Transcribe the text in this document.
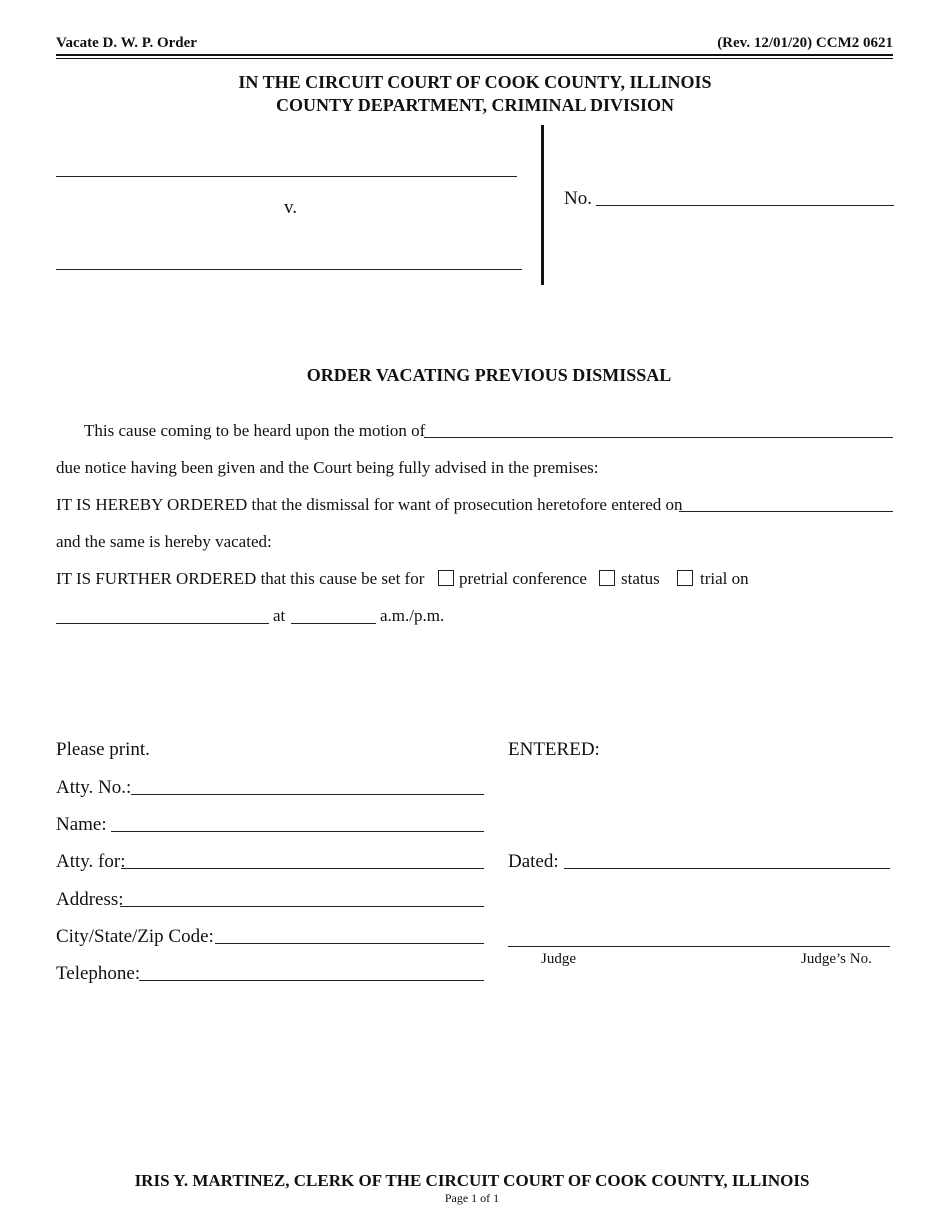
Vacate D. W. P. Order	(Rev. 12/01/20) CCM2 0621
IN THE CIRCUIT COURT OF COOK COUNTY, ILLINOIS
COUNTY DEPARTMENT, CRIMINAL DIVISION
v.	No.
ORDER VACATING PREVIOUS DISMISSAL
This cause coming to be heard upon the motion of
due notice having been given and the Court being fully advised in the premises:
IT IS HEREBY ORDERED that the dismissal for want of prosecution heretofore entered on
and the same is hereby vacated:
IT IS FURTHER ORDERED that this cause be set for pretrial conference status trial on
at	a.m./p.m.
Please print.
Atty. No.:
Name:
Atty. for:
Address:
City/State/Zip Code:
Telephone:
ENTERED:
Dated:
Judge	Judge’s No.
IRIS Y. MARTINEZ, CLERK OF THE CIRCUIT COURT OF COOK COUNTY, ILLINOIS
Page 1 of 1
